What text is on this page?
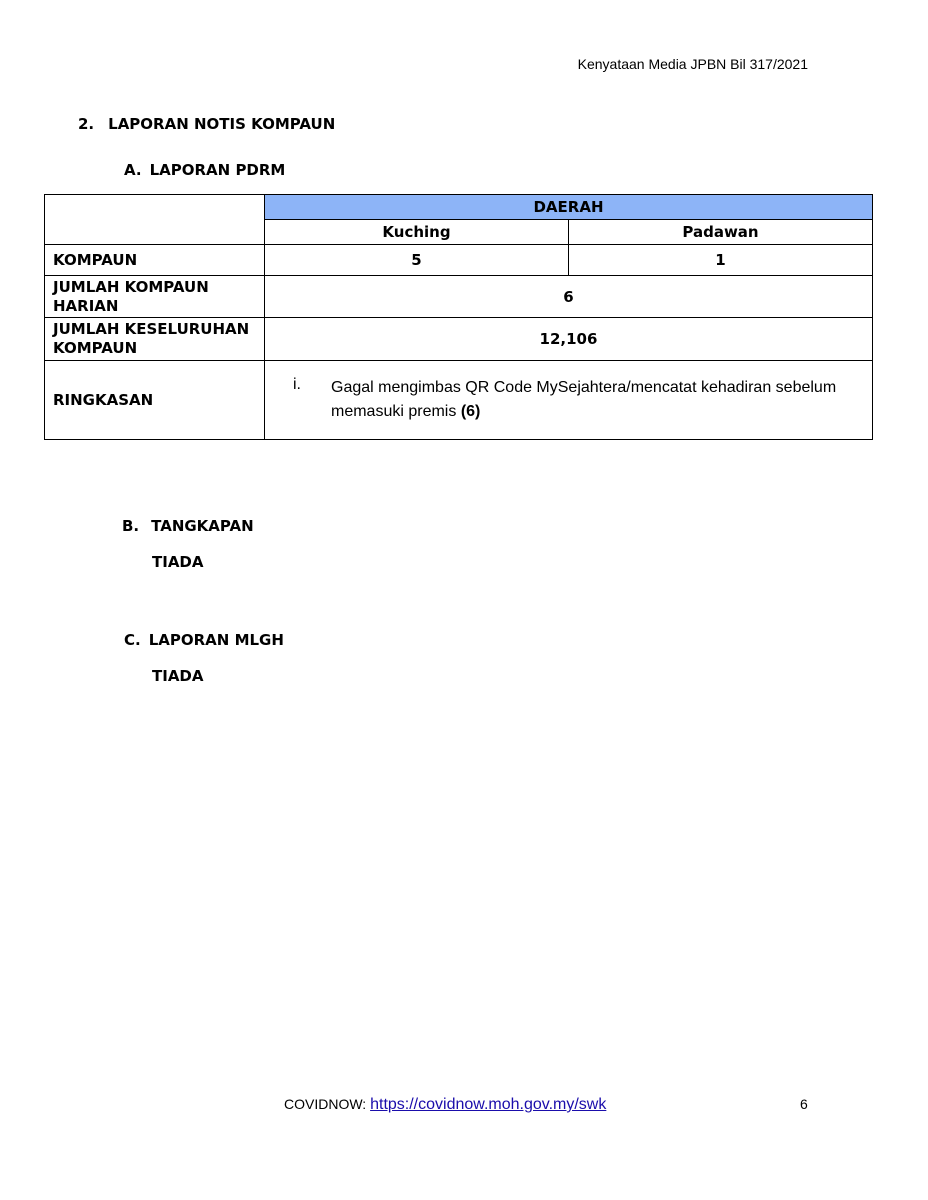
Kenyataan Media JPBN Bil 317/2021
2. LAPORAN NOTIS KOMPAUN
A. LAPORAN PDRM
	DAERAH	
	Kuching	Padawan
KOMPAUN	5	1
JUMLAH KOMPAUN HARIAN	6	
JUMLAH KESELURUHAN KOMPAUN	12,106	
RINGKASAN	i. Gagal mengimbas QR Code MySejahtera/mencatat kehadiran sebelum memasuki premis (6)	
B. TANGKAPAN
TIADA
C. LAPORAN MLGH
TIADA
COVIDNOW: https://covidnow.moh.gov.my/swk	6
